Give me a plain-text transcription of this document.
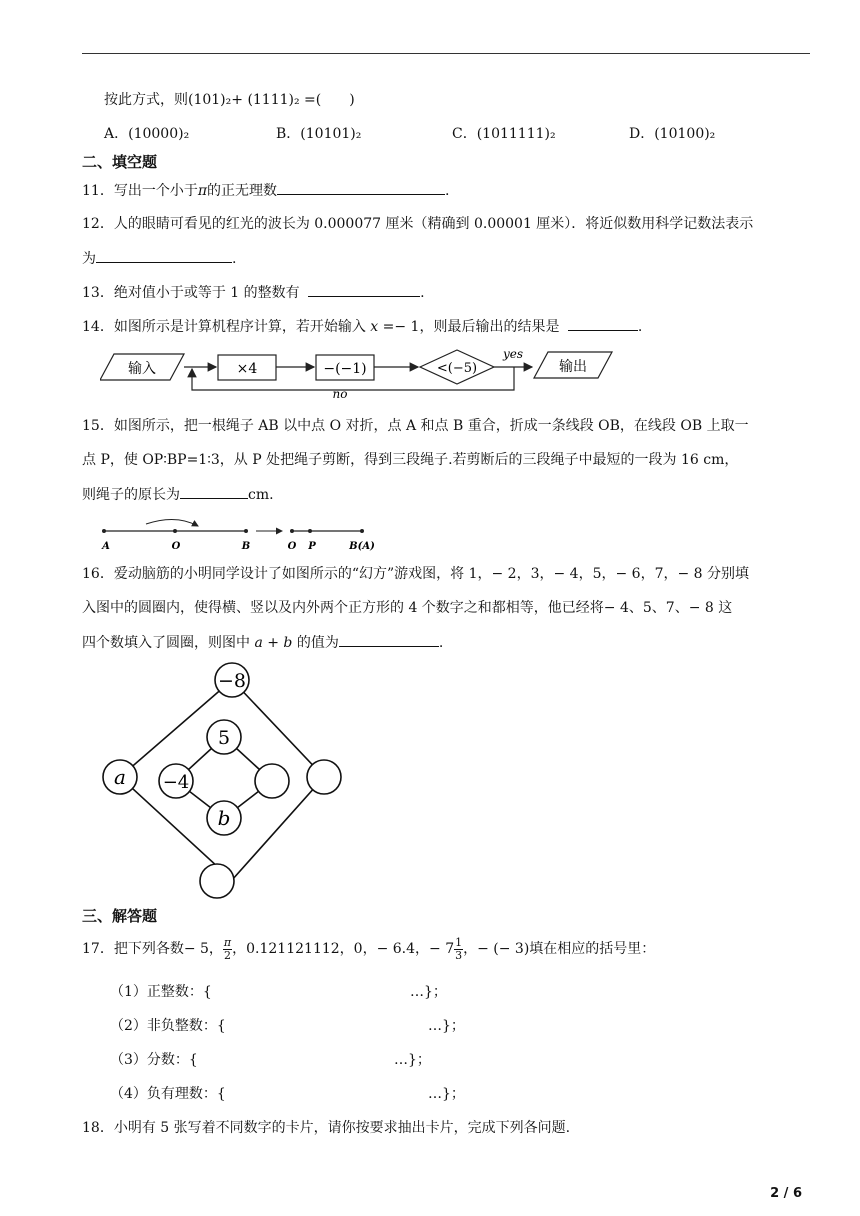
按此方式，则(101)₂+ (1111)₂ =(　　)
A．(10000)₂	B．(10101)₂	C．(1011111)₂	D．(10100)₂
二、填空题
11．写出一个小于π的正无理数	.
12．人的眼睛可看见的红光的波长为 0.000077 厘米（精确到 0.00001 厘米）．将近似数用科学记数法表示
为	.
13．绝对值小于或等于 1 的整数有	.
14．如图所示是计算机程序计算，若开始输入 x =− 1，则最后输出的结果是	.
输入	×4	−(−1)	<(−5)
yes
输出
no
15．如图所示，把一根绳子 AB 以中点 O 对折，点 A 和点 B 重合，折成一条线段 OB，在线段 OB 上取一
点 P，使 OP∶BP=1∶3，从 P 处把绳子剪断，得到三段绳子.若剪断后的三段绳子中最短的一段为 16 cm，
则绳子的原长为	cm.
A	O	B	O P	B(A)
16．爱动脑筋的小明同学设计了如图所示的“幻方”游戏图，将 1，− 2，3，− 4，5，− 6，7，− 8 分别填
入图中的圆圈内，使得横、竖以及内外两个正方形的 4 个数字之和都相等，他已经将− 4、5、7、− 8 这
四个数填入了圆圈，则图中 a + b 的值为	.
−8
a
5
−4
b
三、解答题
17．把下列各数− 5， $\frac{\pi}{2}$ ，0.121121112，0，− 6.4，− $7 \frac{1}{3}$ ，− (− 3)填在相应的括号里：
（1）正整数：{	…}；
（2）非负整数：{	…}；
（3）分数：{	…}；
（4）负有理数：{	…}；
18．小明有 5 张写着不同数字的卡片，请你按要求抽出卡片，完成下列各问题.
2 / 6
